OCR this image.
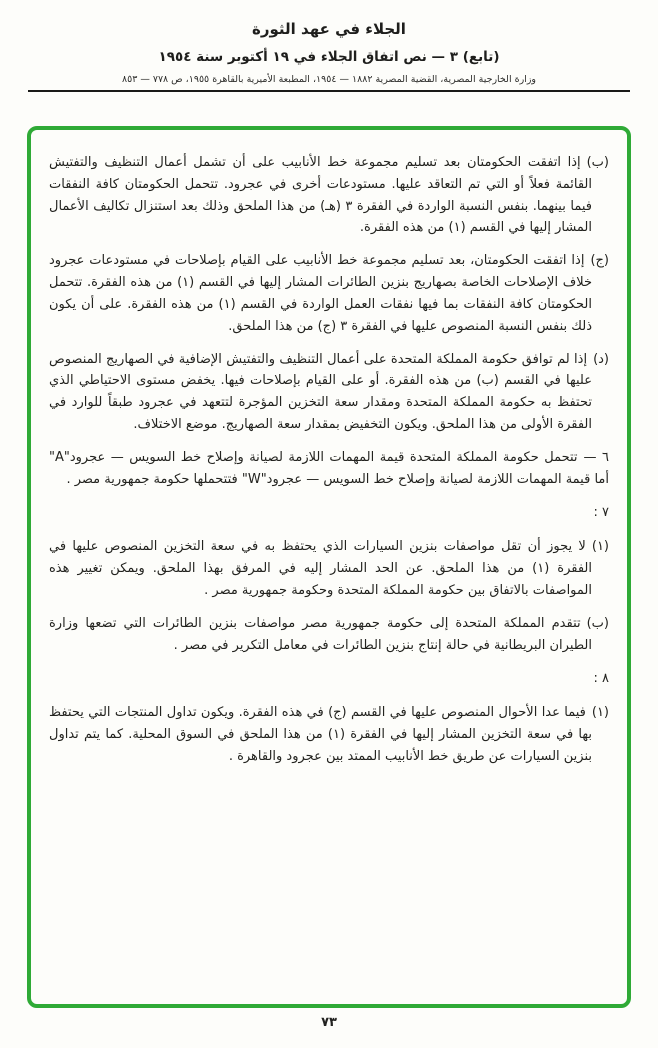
الجلاء في عهد الثورة
(تابع) ٣ — نص اتفاق الجلاء في ١٩ أكتوبر سنة ١٩٥٤
وزارة الخارجية المصرية، القضية المصرية ١٨٨٢ — ١٩٥٤، المطبعة الأميرية بالقاهرة ١٩٥٥، ص ٧٧٨ — ٨٥٣

(ب)إذا اتفقت الحكومتان بعد تسليم مجموعة خط الأنابيب على أن تشمل أعمال التنظيف والتفتيش القائمة فعلاً أو التي تم التعاقد عليها. مستودعات أخرى في عجرود. تتحمل الحكومتان كافة النفقات فيما بينهما. بنفس النسبة الواردة في الفقرة ٣ (هـ) من هذا الملحق وذلك بعد استنزال تكاليف الأعمال المشار إليها في القسم (١) من هذه الفقرة.

(ج)إذا اتفقت الحكومتان، بعد تسليم مجموعة خط الأنابيب على القيام بإصلاحات في مستودعات عجرود خلاف الإصلاحات الخاصة بصهاريج بنزين الطائرات المشار إليها في القسم (١) من هذه الفقرة. تتحمل الحكومتان كافة النفقات بما فيها نفقات العمل الواردة في القسم (١) من هذه الفقرة. على أن يكون ذلك بنفس النسبة المنصوص عليها في الفقرة ٣ (ج) من هذا الملحق.

(د)إذا لم توافق حكومة المملكة المتحدة على أعمال التنظيف والتفتيش الإضافية في الصهاريج المنصوص عليها في القسم (ب) من هذه الفقرة. أو على القيام بإصلاحات فيها. يخفض مستوى الاحتياطي الذي تحتفظ به حكومة المملكة المتحدة ومقدار سعة التخزين المؤجرة لتتعهد في عجرود طبقاً للوارد في الفقرة الأولى من هذا الملحق. ويكون التخفيض بمقدار سعة الصهاريج. موضع الاختلاف.

٦ —تتحمل حكومة المملكة المتحدة قيمة المهمات اللازمة لصيانة وإصلاح خط السويس — عجرود"A" أما قيمة المهمات اللازمة لصيانة وإصلاح خط السويس — عجرود"W" فتتحملها حكومة جمهورية مصر .

٧ :

(١)لا يجوز أن تقل مواصفات بنزين السيارات الذي يحتفظ به في سعة التخزين المنصوص عليها في الفقرة (١) من هذا الملحق. عن الحد المشار إليه في المرفق بهذا الملحق. ويمكن تغيير هذه المواصفات بالاتفاق بين حكومة المملكة المتحدة وحكومة جمهورية مصر .

(ب)تتقدم المملكة المتحدة إلى حكومة جمهورية مصر مواصفات بنزين الطائرات التي تضعها وزارة الطيران البريطانية في حالة إنتاج بنزين الطائرات في معامل التكرير في مصر .

٨ :

(١)فيما عدا الأحوال المنصوص عليها في القسم (ج) في هذه الفقرة. ويكون تداول المنتجات التي يحتفظ بها في سعة التخزين المشار إليها في الفقرة (١) من هذا الملحق في السوق المحلية. كما يتم تداول بنزين السيارات عن طريق خط الأنابيب الممتد بين عجرود والقاهرة .

٧٣
